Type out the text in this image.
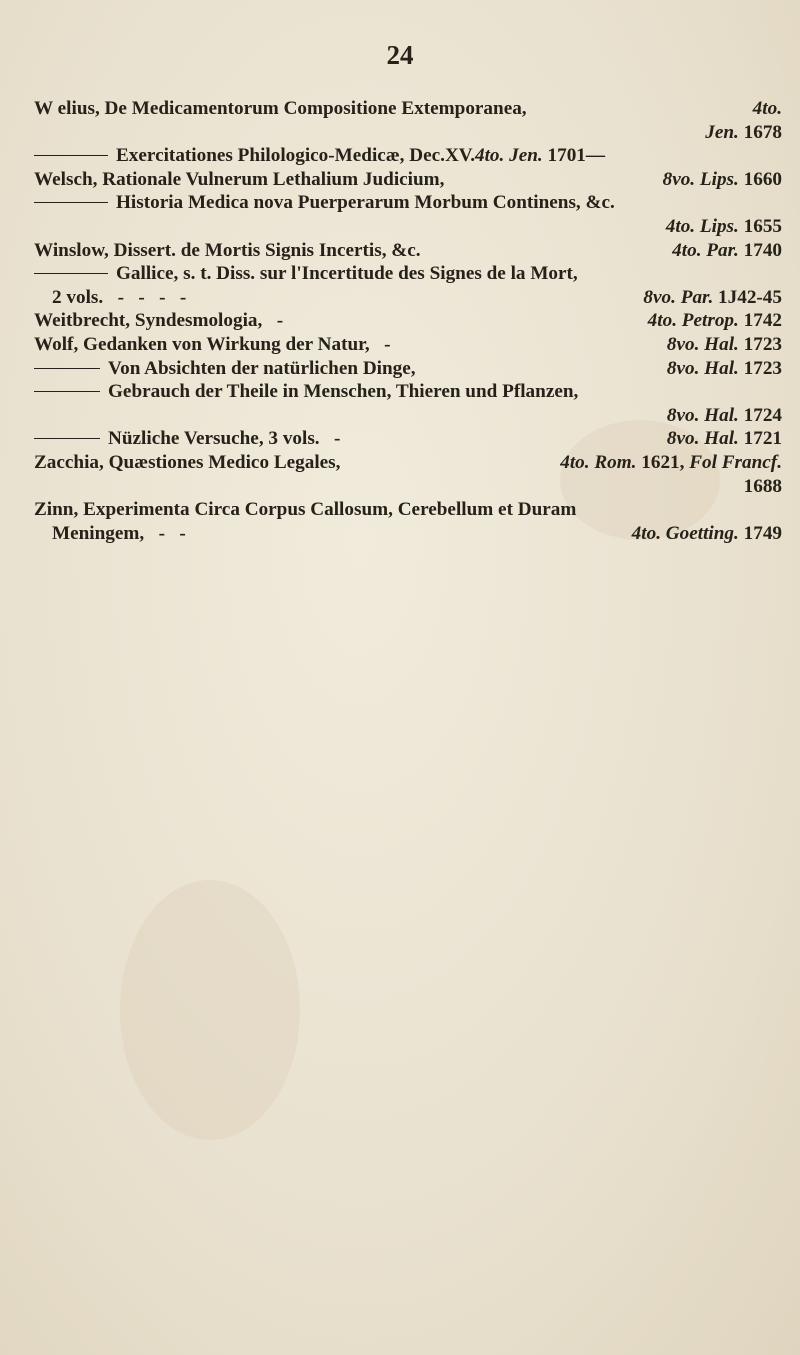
24
W elius, De Medicamentorum Compositione Extemporanea,	4to.
Jen. 1678
Exercitationes Philologico-Medicæ, Dec.XV.4to. Jen. 1701—
Welsch, Rationale Vulnerum Lethalium Judicium,	8vo. Lips. 1660
Historia Medica nova Puerperarum Morbum Continens, &c.
4to. Lips. 1655
Winslow, Dissert. de Mortis Signis Incertis, &c.	4to. Par. 1740
Gallice, s. t. Diss. sur l'Incertitude des Signes de la Mort,
2 vols.   -   -   -   -	8vo. Par. 1J42-45
Weitbrecht, Syndesmologia,   -	4to. Petrop. 1742
Wolf, Gedanken von Wirkung der Natur,   -	8vo. Hal. 1723
Von Absichten der natürlichen Dinge,	8vo. Hal. 1723
Gebrauch der Theile in Menschen, Thieren und Pflanzen,
8vo. Hal. 1724
Nüzliche Versuche, 3 vols.   -	8vo. Hal. 1721
Zacchia, Quæstiones Medico Legales,	4to. Rom. 1621, Fol Francf.
1688
Zinn, Experimenta Circa Corpus Callosum, Cerebellum et Duram
Meningem,   -   -	4to. Goetting. 1749
